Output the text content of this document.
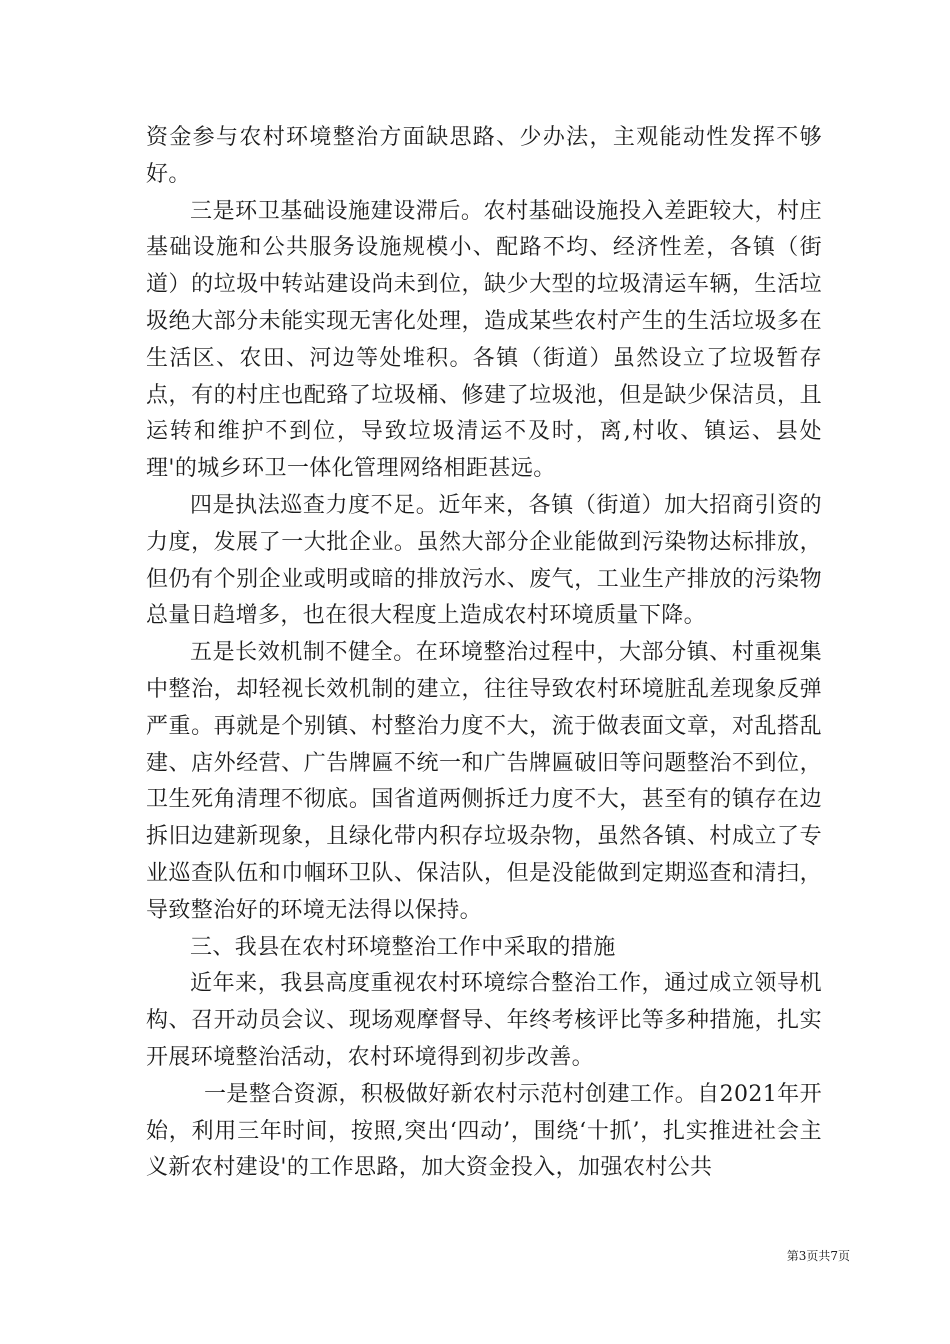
资金参与农村环境整治方面缺思路、少办法，主观能动性发挥不够好。

三是环卫基础设施建设滞后。农村基础设施投入差距较大，村庄基础设施和公共服务设施规模小、配路不均、经济性差，各镇（街道）的垃圾中转站建设尚未到位，缺少大型的垃圾清运车辆，生活垃圾绝大部分未能实现无害化处理，造成某些农村产生的生活垃圾多在生活区、农田、河边等处堆积。各镇（街道）虽然设立了垃圾暂存点，有的村庄也配臵了垃圾桶、修建了垃圾池，但是缺少保洁员，且运转和维护不到位，导致垃圾清运不及时，离,村收、镇运、县处理'的城乡环卫一体化管理网络相距甚远。

四是执法巡查力度不足。近年来，各镇（街道）加大招商引资的力度，发展了一大批企业。虽然大部分企业能做到污染物达标排放，但仍有个别企业或明或暗的排放污水、废气，工业生产排放的污染物总量日趋增多，也在很大程度上造成农村环境质量下降。

五是长效机制不健全。在环境整治过程中，大部分镇、村重视集中整治，却轻视长效机制的建立，往往导致农村环境脏乱差现象反弹严重。再就是个别镇、村整治力度不大，流于做表面文章，对乱搭乱建、店外经营、广告牌匾不统一和广告牌匾破旧等问题整治不到位，卫生死角清理不彻底。国省道两侧拆迁力度不大，甚至有的镇存在边拆旧边建新现象，且绿化带内积存垃圾杂物，虽然各镇、村成立了专业巡查队伍和巾帼环卫队、保洁队，但是没能做到定期巡查和清扫，导致整治好的环境无法得以保持。

三、我县在农村环境整治工作中采取的措施

近年来，我县高度重视农村环境综合整治工作，通过成立领导机构、召开动员会议、现场观摩督导、年终考核评比等多种措施，扎实开展环境整治活动，农村环境得到初步改善。

一是整合资源，积极做好新农村示范村创建工作。自2021年开始，利用三年时间，按照,突出‘四动’，围绕‘十抓’，扎实推进社会主义新农村建设'的工作思路，加大资金投入，加强农村公共

第3页共7页
